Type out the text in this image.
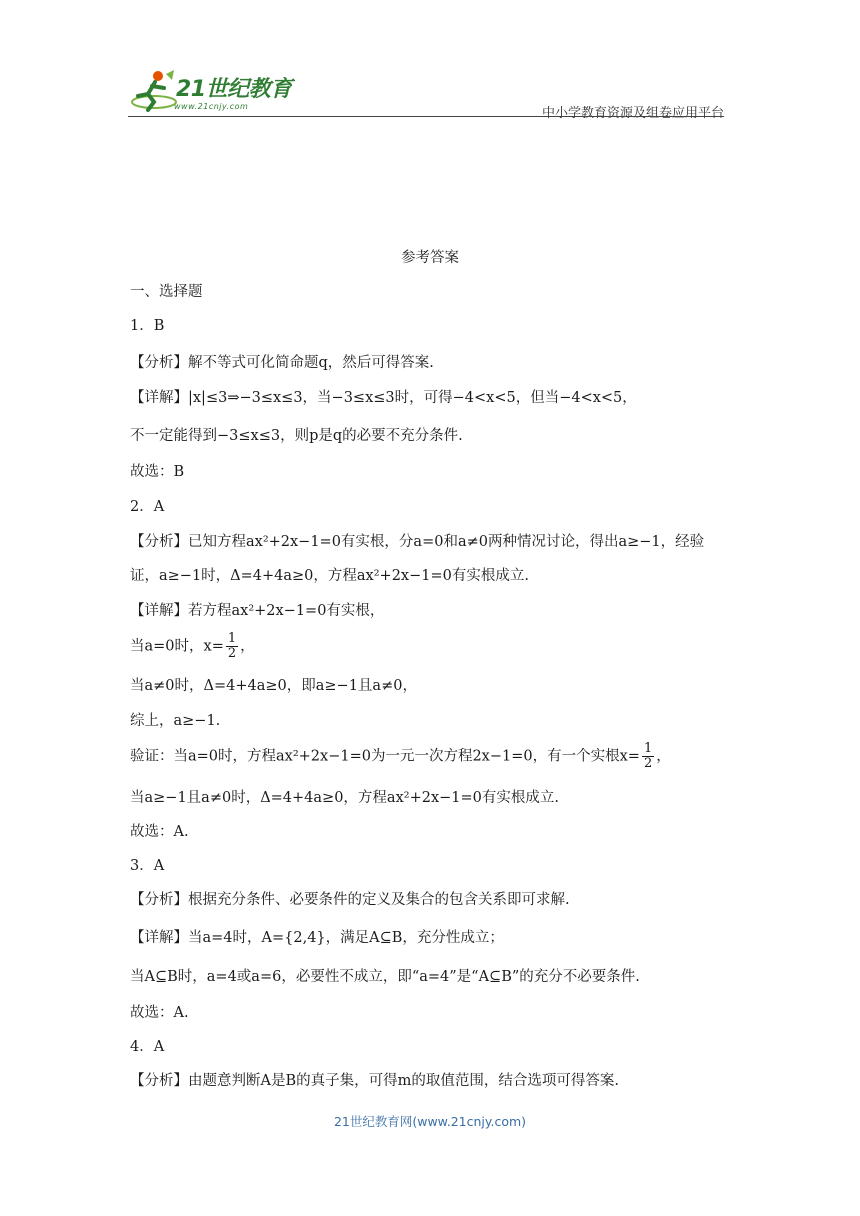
21世纪教育
www.21cnjy.com	中小学教育资源及组卷应用平台
参考答案
一、选择题
1．B
【分析】解不等式可化简命题q，然后可得答案.
【详解】|x|≤3⇒−3≤x≤3，当−3≤x≤3时，可得−4<x<5，但当−4<x<5，
不一定能得到−3≤x≤3，则p是q的必要不充分条件.
故选：B
2．A
【分析】已知方程ax²+2x−1=0有实根，分a=0和a≠0两种情况讨论，得出a≥−1，经验
证，a≥−1时，Δ=4+4a≥0，方程ax²+2x−1=0有实根成立.
【详解】若方程ax²+2x−1=0有实根，
当a=0时，$x= \frac{1}{2}$ ，
当a≠0时，Δ=4+4a≥0，即a≥−1且a≠0，
综上，a≥−1.
验证：当a=0时，方程ax²+2x−1=0为一元一次方程2x−1=0，有一个实根$x= \frac{1}{2}$ ，
当a≥−1且a≠0时，Δ=4+4a≥0，方程ax²+2x−1=0有实根成立.
故选：A.
3．A
【分析】根据充分条件、必要条件的定义及集合的包含关系即可求解.
【详解】当a=4时，A={2,4}，满足A⊆B，充分性成立；
当A⊆B时，a=4或a=6，必要性不成立，即“a=4”是“A⊆B”的充分不必要条件.
故选：A.
4．A
【分析】由题意判断A是B的真子集，可得m的取值范围，结合选项可得答案.
21世纪教育网(www.21cnjy.com)
